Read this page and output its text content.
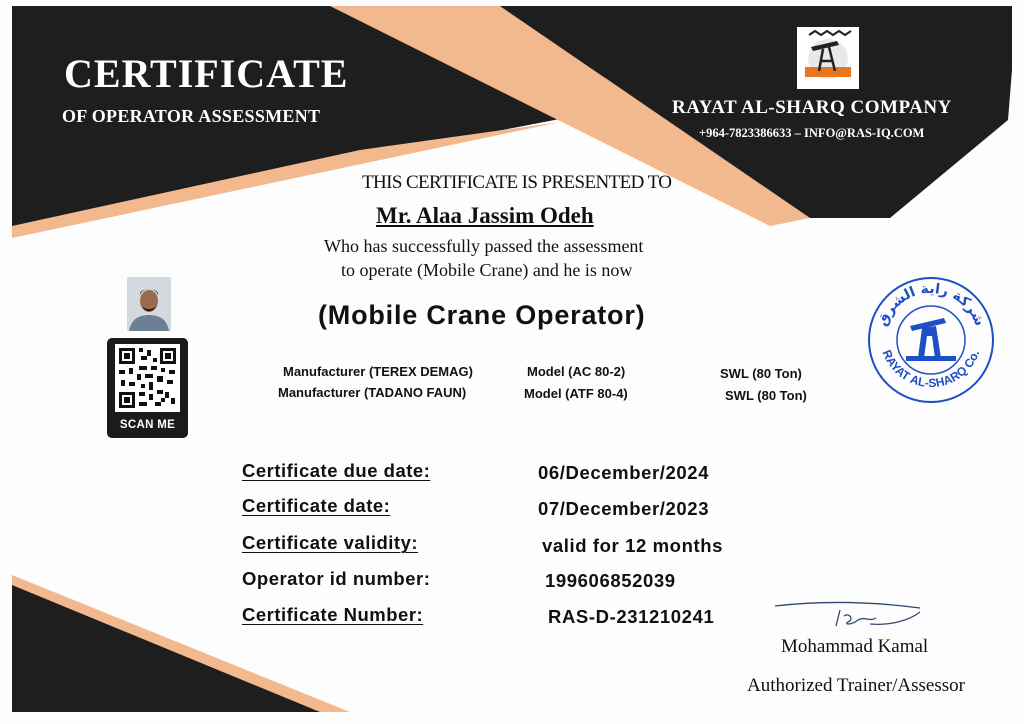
CERTIFICATE
OF OPERATOR ASSESSMENT	RAYAT AL-SHARQ COMPANY
+964-7823386633 – INFO@RAS-IQ.COM
THIS CERTIFICATE IS PRESENTED TO
Mr. Alaa Jassim Odeh
Who has successfully passed the assessment
to operate (Mobile Crane) and he is now
(Mobile Crane Operator)
Manufacturer (TEREX DEMAG)	Model (AC 80-2)	SWL (80 Ton)
Manufacturer (TADANO FAUN)	Model (ATF 80-4)	SWL (80 Ton)
SCAN ME
شركة راية الشرق
RAYAT AL-SHARQ Co.
Certificate due date:	06/December/2024
Certificate date:	07/December/2023
Certificate validity:	valid for 12 months
Operator id number:	199606852039
Certificate Number:	RAS-D-231210241
Mohammad Kamal
Authorized Trainer/Assessor
